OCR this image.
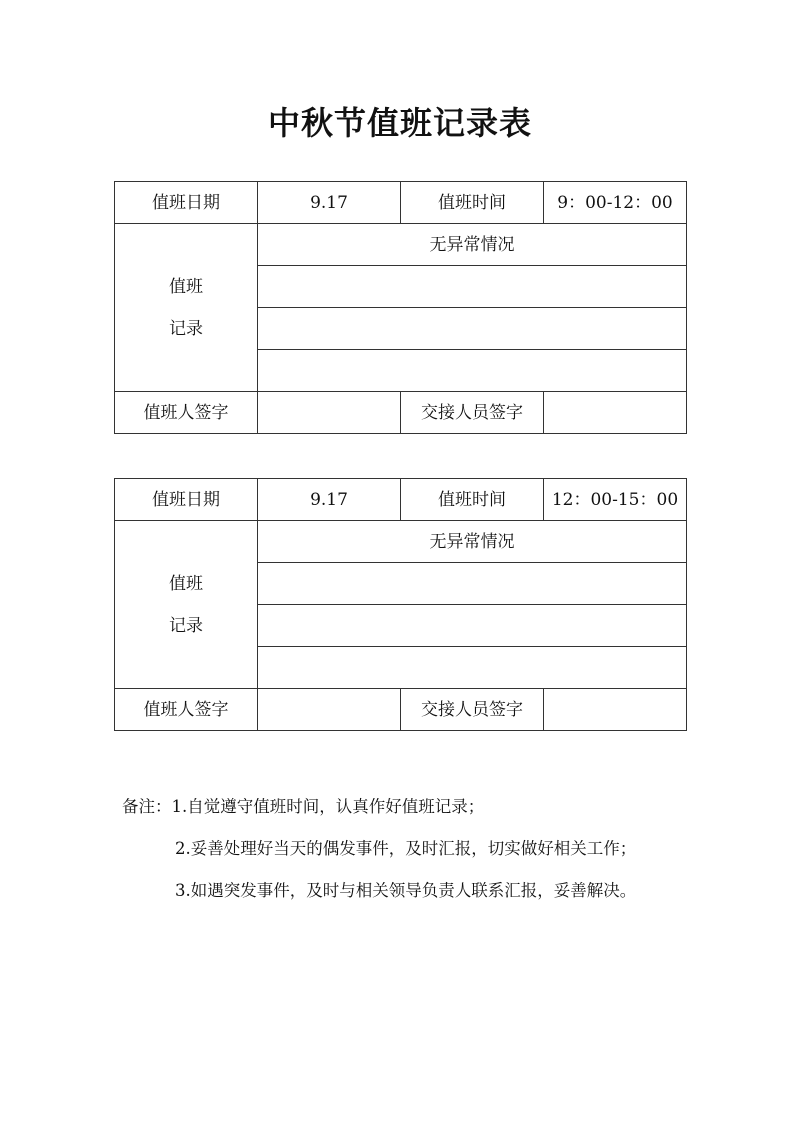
中秋节值班记录表
值班日期	9.17	值班时间	9：00-12：00

值班
记录	无异常情况		

值班人签字		交接人员签字	
值班日期	9.17	值班时间	12：00-15：00

值班
记录	无异常情况		

值班人签字		交接人员签字	
备注：1.自觉遵守值班时间，认真作好值班记录；
2.妥善处理好当天的偶发事件，及时汇报，切实做好相关工作；
3.如遇突发事件，及时与相关领导负责人联系汇报，妥善解决。
